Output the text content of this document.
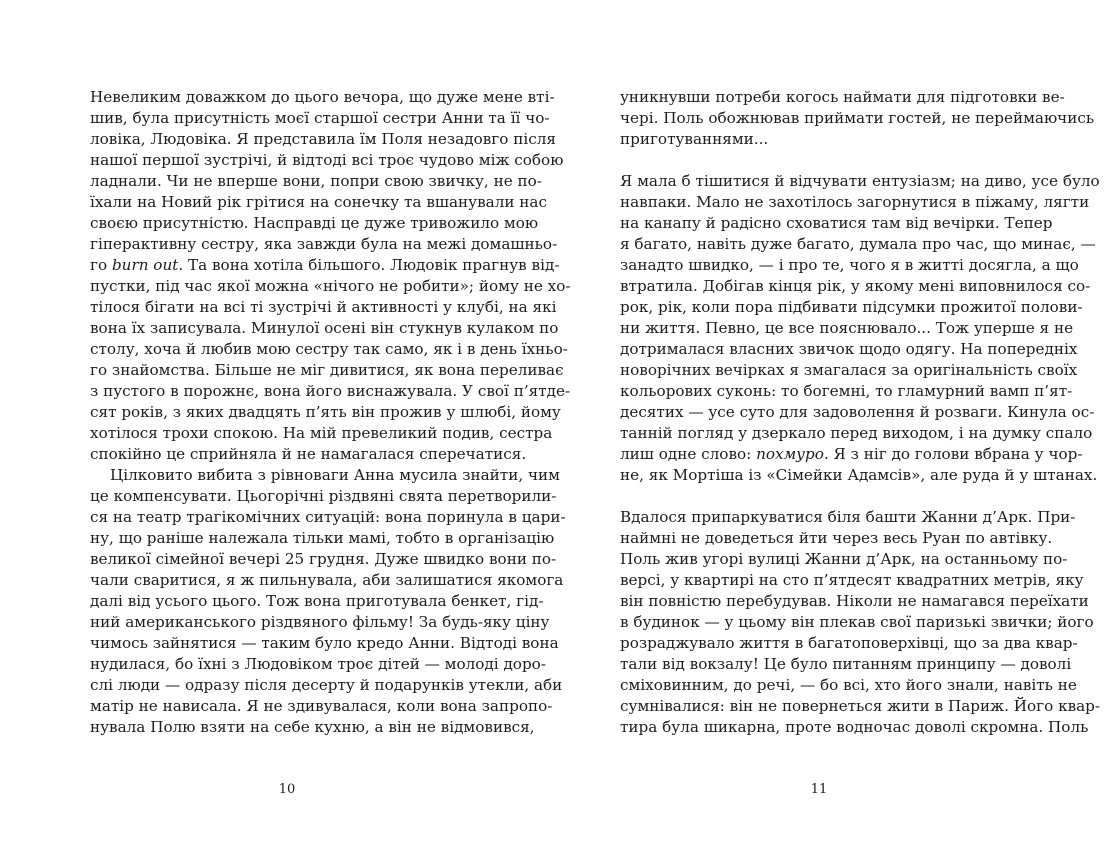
Невеликим доважком до цього вечора, що дуже мене втi-
шив, була присутнiсть моєї старшої сестри Анни та її чо-
ловіка, Людовіка. Я представила їм Поля незадовго після
нашої першої зустрічі, й відтоді всі троє чудово між собою
ладнали. Чи не вперше вони, попри свою звичку, не по-
їхали на Новий рік грітися на сонечку та вшанували нас
своєю присутністю. Насправді це дуже тривожило мою
гіперактивну сестру, яка завжди була на межі домашньо-
го burn out. Та вона хотіла більшого. Людовік прагнув від-
пустки, під час якої можна «нічого не робити»; йому не хо-
тілося бігати на всі ті зустрічі й активності у клубі, на які
вона їх записувала. Минулої осені він стукнув кулаком по
столу, хоча й любив мою сестру так само, як і в день їхньо-
го знайомства. Більше не міг дивитися, як вона переливає
з пустого в порожнє, вона його виснажувала. У свої п’ятде-
сят років, з яких двадцять п’ять він прожив у шлюбі, йому
хотілося трохи спокою. На мій превеликий подив, сестра
спокійно це сприйняла й не намагалася сперечатися.
Цілковито вибита з рівноваги Анна мусила знайти, чим
це компенсувати. Цьогорічні різдвяні свята перетворили-
ся на театр трагікомічних ситуацій: вона поринула в цари-
ну, що раніше належала тільки мамі, тобто в організацію
великої сімейної вечері 25 грудня. Дуже швидко вони по-
чали сваритися, я ж пильнувала, аби залишатися якомога
далі від усього цього. Тож вона приготувала бенкет, гід-
ний американського різдвяного фільму! За будь-яку ціну
чимось зайнятися — таким було кредо Анни. Відтоді вона
нудилася, бо їхні з Людовіком троє дітей — молоді доро-
слі люди — одразу після десерту й подарунків утекли, аби
матір не нависала. Я не здивувалася, коли вона запропо-
нувала Полю взяти на себе кухню, а він не відмовився,
10
уникнувши потреби когось наймати для підготовки ве-
чері. Поль обожнював приймати гостей, не переймаючись
приготуваннями...
Я мала б тішитися й відчувати ентузіазм; на диво, усе було
навпаки. Мало не захотілось загорнутися в піжаму, лягти
на канапу й радісно сховатися там від вечірки. Тепер
я багато, навіть дуже багато, думала про час, що минає, —
занадто швидко, — і про те, чого я в житті досягла, а що
втратила. Добігав кінця рік, у якому мені виповнилося со-
рок, рік, коли пора підбивати підсумки прожитої полови-
ни життя. Певно, це все пояснювало... Тож уперше я не
дотрималася власних звичок щодо одягу. На попередніх
новорічних вечірках я змагалася за оригінальність своїх
кольорових суконь: то богемні, то гламурний вамп п’ят-
десятих — усе суто для задоволення й розваги. Кинула ос-
танній погляд у дзеркало перед виходом, і на думку спало
лиш одне слово: похмуро. Я з ніг до голови вбрана у чор-
не, як Мортіша із «Сімейки Адамсів», але руда й у штанах.
Вдалося припаркуватися біля башти Жанни д’Арк. При-
наймні не доведеться йти через весь Руан по автівку.
Поль жив угорі вулиці Жанни д’Арк, на останньому по-
версі, у квартирі на сто п’ятдесят квадратних метрів, яку
він повністю перебудував. Ніколи не намагався переїхати
в будинок — у цьому він плекав свої паризькі звички; його
розраджувало життя в багатоповерхівці, що за два квар-
тали від вокзалу! Це було питанням принципу — доволі
сміховинним, до речі, — бо всі, хто його знали, навіть не
сумнівалися: він не повернеться жити в Париж. Його квар-
тира була шикарна, проте водночас доволі скромна. Поль
11
